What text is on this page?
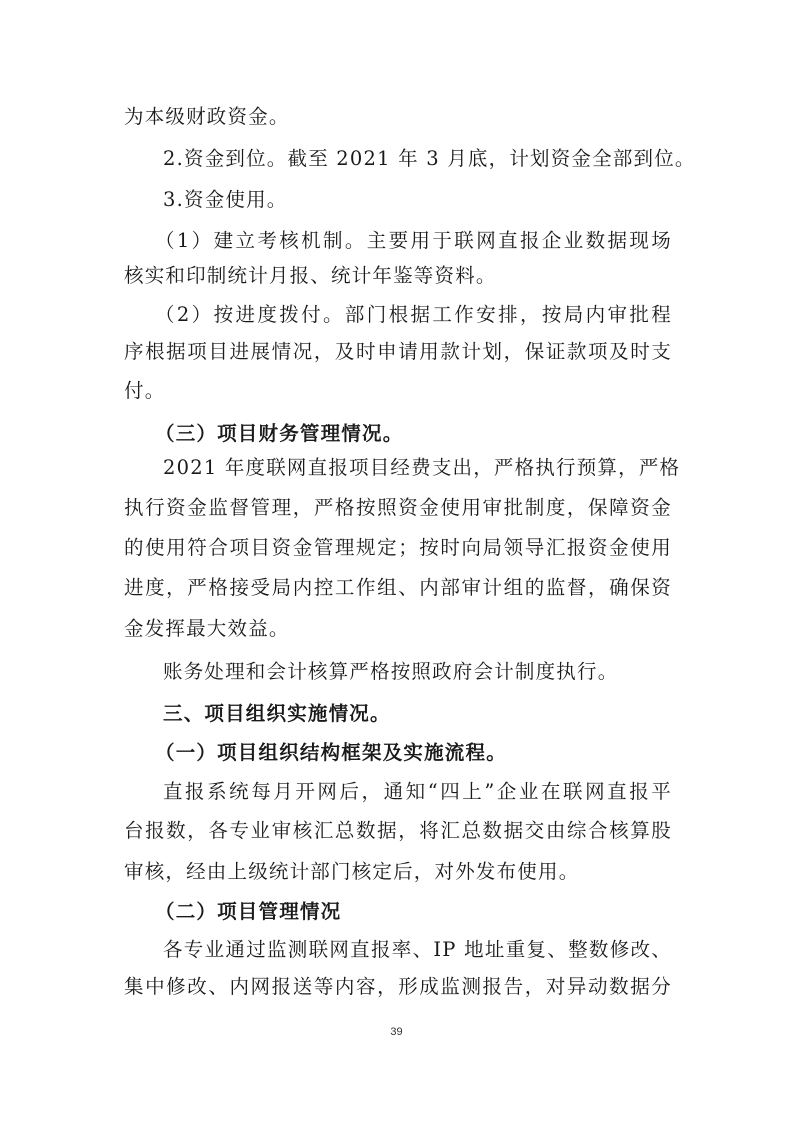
为本级财政资金。
2.资金到位。截至 2021 年 3 月底，计划资金全部到位。
3.资金使用。
（1）建立考核机制。主要用于联网直报企业数据现场
核实和印制统计月报、统计年鉴等资料。
（2）按进度拨付。部门根据工作安排，按局内审批程
序根据项目进展情况，及时申请用款计划，保证款项及时支
付。
（三）项目财务管理情况。
2021 年度联网直报项目经费支出，严格执行预算，严格
执行资金监督管理，严格按照资金使用审批制度，保障资金
的使用符合项目资金管理规定；按时向局领导汇报资金使用
进度，严格接受局内控工作组、内部审计组的监督，确保资
金发挥最大效益。
账务处理和会计核算严格按照政府会计制度执行。
三、项目组织实施情况。
（一）项目组织结构框架及实施流程。
直报系统每月开网后，通知“四上”企业在联网直报平
台报数，各专业审核汇总数据，将汇总数据交由综合核算股
审核，经由上级统计部门核定后，对外发布使用。
（二）项目管理情况
各专业通过监测联网直报率、IP 地址重复、整数修改、
集中修改、内网报送等内容，形成监测报告，对异动数据分
39
